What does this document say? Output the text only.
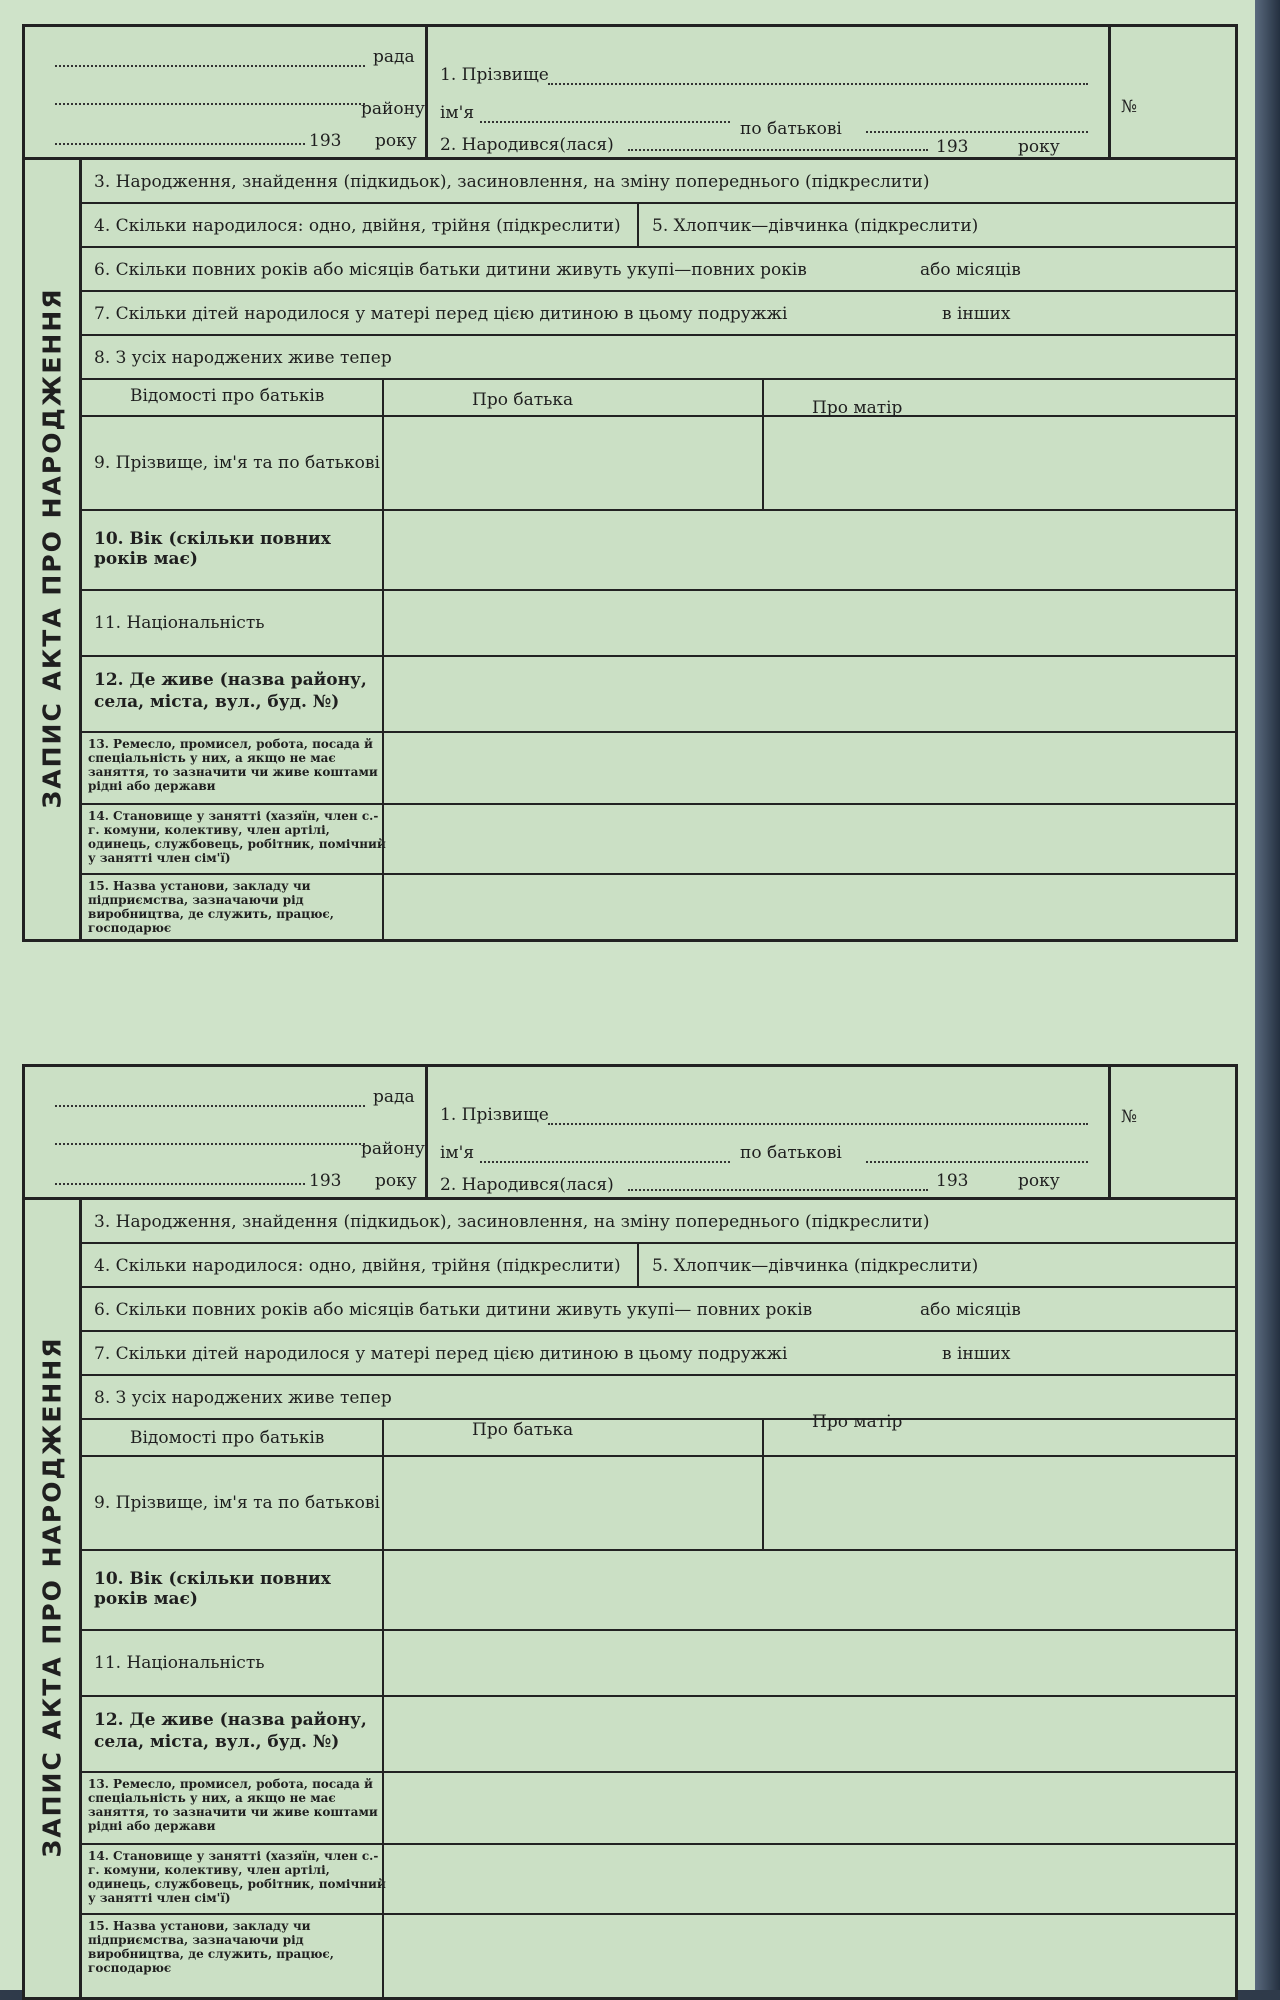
рада
району
193 року
1. Прізвище
ім'я
по батькові
2. Народився(лася)	193	року
№
ЗАПИС АКТА ПРО НАРОДЖЕННЯ
3. Народження, знайдення (підкидьок), засиновлення, на зміну попереднього (підкреслити)
4. Скільки народилося: одно, двійня, трійня (підкреслити) 5. Хлопчик—дівчинка (підкреслити)
6. Скільки повних років або місяців батьки дитини живуть укупі—повних років	або місяців
7. Скільки дітей народилося у матері перед цією дитиною в цьому подружжі	в інших
8. З усіх народжених живе тепер
Відомості про батьків	Про батька	Про матір
9. Прізвище, ім'я та по батькові
10. Вік (скільки повних років має)
11. Національність
12. Де живе (назва району, села, міста, вул., буд. №)
13. Ремесло, промисел, робота, посада й спеціальність у них, а якщо не має заняття, то зазначити чи живе коштами рідні або держави
14. Становище у занятті (хазяїн, член с.-г. комуни, колективу, член артілі, одинець, службовець, робітник, помічний у занятті член сім'ї)
15. Назва установи, закладу чи підприємства, зазначаючи рід виробництва, де служить, працює, господарює
рада
району
193 року
1. Прізвище
ім'я	по батькові
2. Народився(лася)	193	року
№
ЗАПИС АКТА ПРО НАРОДЖЕННЯ
3. Народження, знайдення (підкидьок), засиновлення, на зміну попереднього (підкреслити)
4. Скільки народилося: одно, двійня, трійня (підкреслити) 5. Хлопчик—дівчинка (підкреслити)
6. Скільки повних років або місяців батьки дитини живуть укупі— повних років	або місяців
7. Скільки дітей народилося у матері перед цією дитиною в цьому подружжі	в інших
8. З усіх народжених живе тепер
Відомості про батьків	Про батька	Про матір
9. Прізвище, ім'я та по батькові
10. Вік (скільки повних років має)
11. Національність
12. Де живе (назва району, села, міста, вул., буд. №)
13. Ремесло, промисел, робота, посада й спеціальність у них, а якщо не має заняття, то зазначити чи живе коштами рідні або держави
14. Становище у занятті (хазяїн, член с.-г. комуни, колективу, член артілі, одинець, службовець, робітник, помічний у занятті член сім'ї)
15. Назва установи, закладу чи підприємства, зазначаючи рід виробництва, де служить, працює, господарює
